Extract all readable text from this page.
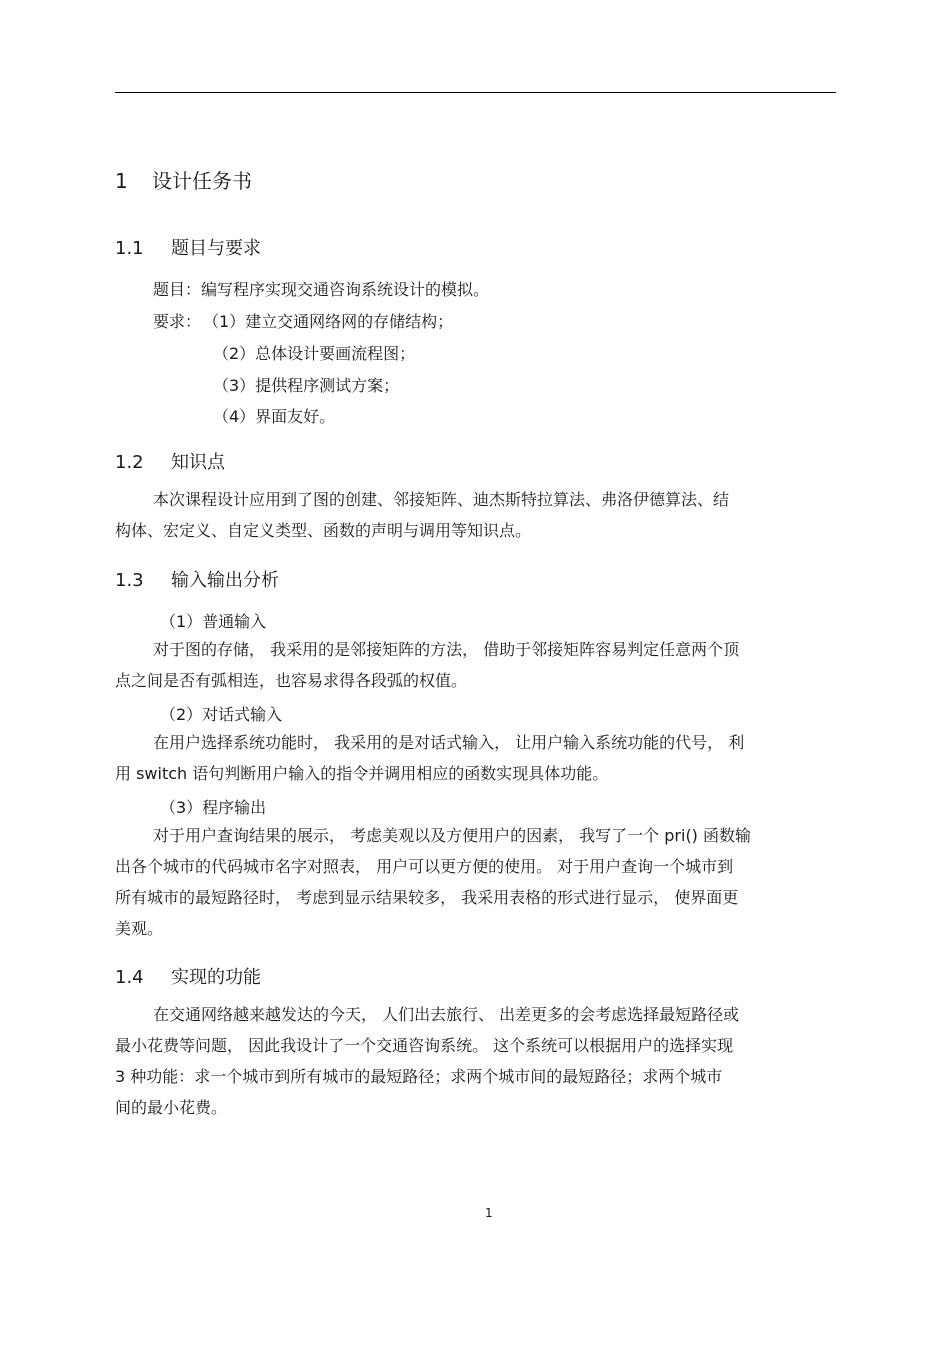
1 设计任务书
1.1 题目与要求
题目：编写程序实现交通咨询系统设计的模拟。
要求： （1）建立交通网络网的存储结构；
（2）总体设计要画流程图；
（3）提供程序测试方案；
（4）界面友好。
1.2 知识点
本次课程设计应用到了图的创建、邻接矩阵、迪杰斯特拉算法、弗洛伊德算法、结
构体、宏定义、自定义类型、函数的声明与调用等知识点。
1.3 输入输出分析
（1）普通输入
对于图的存储， 我采用的是邻接矩阵的方法， 借助于邻接矩阵容易判定任意两个顶
点之间是否有弧相连，也容易求得各段弧的权值。
（2）对话式输入
在用户选择系统功能时， 我采用的是对话式输入， 让用户输入系统功能的代号， 利
用 switch 语句判断用户输入的指令并调用相应的函数实现具体功能。
（3）程序输出
对于用户查询结果的展示， 考虑美观以及方便用户的因素， 我写了一个 pri() 函数输
出各个城市的代码城市名字对照表， 用户可以更方便的使用。 对于用户查询一个城市到
所有城市的最短路径时， 考虑到显示结果较多， 我采用表格的形式进行显示， 使界面更
美观。
1.4 实现的功能
在交通网络越来越发达的今天， 人们出去旅行、 出差更多的会考虑选择最短路径或
最小花费等问题， 因此我设计了一个交通咨询系统。 这个系统可以根据用户的选择实现
3 种功能：求一个城市到所有城市的最短路径；求两个城市间的最短路径；求两个城市
间的最小花费。
1
